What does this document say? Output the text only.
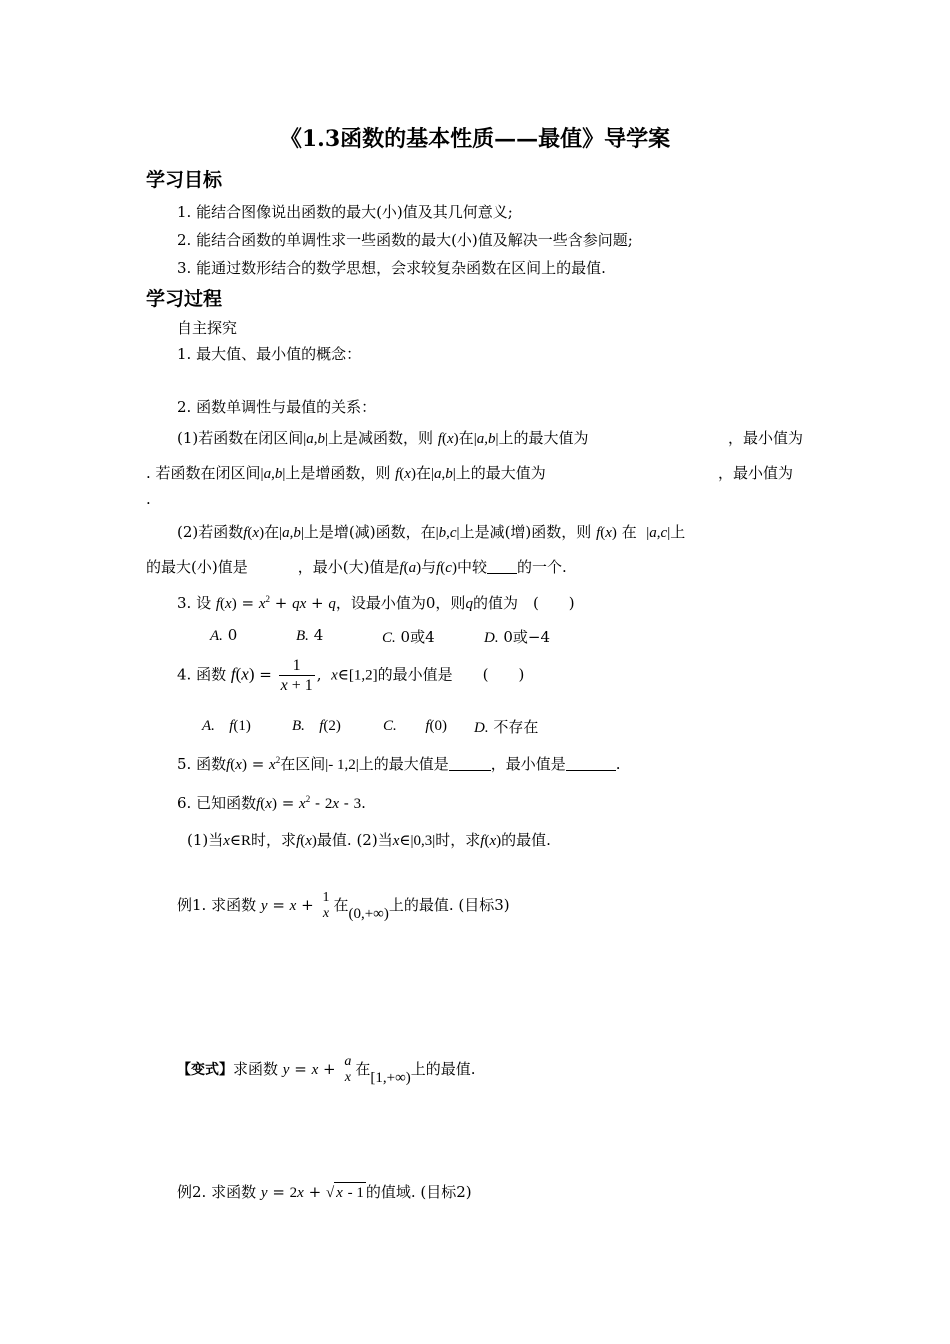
《1.3函数的基本性质——最值》导学案
学习目标
1. 能结合图像说出函数的最大(小)值及其几何意义;
2. 能结合函数的单调性求一些函数的最大(小)值及解决一些含参问题;
3. 能通过数形结合的数学思想，会求较复杂函数在区间上的最值.
学习过程
自主探究
1. 最大值、最小值的概念：
2. 函数单调性与最值的关系：
(1)若函数在闭区间|a,b|上是减函数，则 f(x)在|a,b|上的最大值为	，最小值为
. 若函数在闭区间|a,b|上是增函数，则 f(x)在|a,b|上的最大值为	，最小值为
.
(2)若函数f(x)在|a,b|上是增(减)函数，在|b,c|上是减(增)函数，则 f(x) 在 |a,c|上
的最大(小)值是	，最小(大)值是f(a)与f(c)中较 的一个.
3. 设 $f(x) = x^2$ + qx + q，设最小值为0，则q的值为　(　　)
A. 0	B. 4	C. 0或4	D. 0或−4
4. 函数 $f(x) = \frac{1}{x + 1}$ ,  x∈[1,2]的最小值是　　(　　)
A. f(1)	B. f(2)	C. f(0) D. 不存在
5. 函数$f(x) = x^2$在区间|- 1,2|上的最大值是	，最小值是	.
6. 已知函数$f(x) = x^2 - 2x - 3$.
(1)当x∈R时，求f(x)最值. (2)当x∈|0,3|时，求f(x)的最值.
例1. 求函数 y = x + 1
x 在(0,+∞)上的最值. (目标3)
【变式】求函数 y = x + a
x 在[1,+∞)上的最值.
例2. 求函数 y = 2x + √ x - 1 的值域. (目标2)
